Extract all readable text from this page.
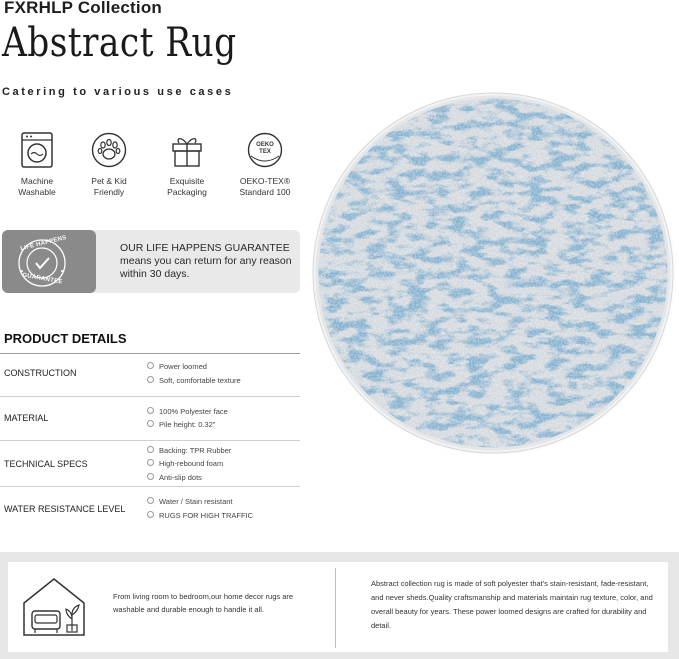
FXRHLP Collection
Abstract Rug
Catering to various use cases
Machine
Washable
Pet & Kid
Friendly
Exquisite
Packaging
OEKO TEX
OEKO-TEX®
Standard 100
LIFE HAPPENS
GUARANTEE
OUR LIFE HAPPENS GUARANTEE
means you can return for any reason within 30 days.
PRODUCT DETAILS
CONSTRUCTION
Power loomed
Soft, comfortable texture
MATERIAL
100% Polyester face
Pile height: 0.32"
TECHNICAL SPECS
Backing: TPR Rubber
High-rebound foam
Anti-slip dots
WATER RESISTANCE LEVEL
Water / Stain resistant
RUGS FOR HIGH TRAFFIC
From living room to bedroom,our home decor rugs are washable and durable enough to handle it all.
Abstract collection rug is made of soft polyester that's stain-resistant, fade-resistant, and never sheds.Quality craftsmanship and materials maintain rug texture, color, and overall beauty for years. These power loomed designs are crafted for durability and detail.
